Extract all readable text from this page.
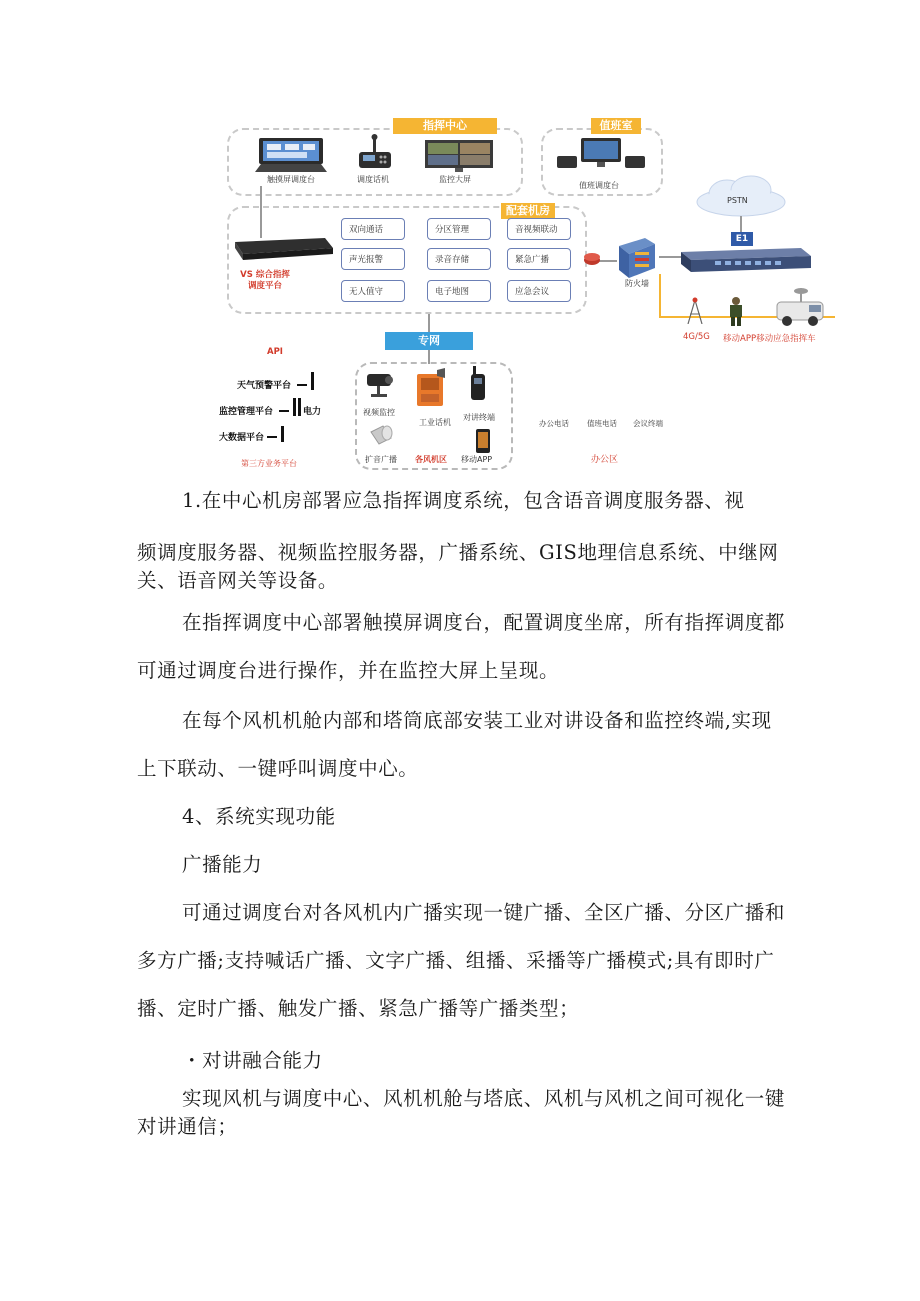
指挥中心
触摸屏调度台	调度话机	监控大屏
值班室
值班调度台
配套机房
VS 综合指挥调度平台
双向通话	分区管理	音视频联动
声光报警	录音存储	紧急广播
无人值守	电子地图	应急会议
防火墙
PSTN
E1
4G/5G 移动APP移动应急指挥车
专网
API
天气预警平台
监控管理平台	电力
大数据平台
第三方业务平台
视频监控
工业话机
对讲终端
扩音广播 各风机区 移动APP
办公电话 值班电话 会议终端
办公区
1.在中心机房部署应急指挥调度系统，包含语音调度服务器、视
频调度服务器、视频监控服务器，广播系统、GIS地理信息系统、中继网
关、语音网关等设备。
在指挥调度中心部署触摸屏调度台，配置调度坐席，所有指挥调度都
可通过调度台进行操作，并在监控大屏上呈现。
在每个风机机舱内部和塔筒底部安装工业对讲设备和监控终端,实现
上下联动、一键呼叫调度中心。
4、系统实现功能
广播能力
可通过调度台对各风机内广播实现一键广播、全区广播、分区广播和
多方广播;支持喊话广播、文字广播、组播、采播等广播模式;具有即时广
播、定时广播、触发广播、紧急广播等广播类型；
・对讲融合能力
实现风机与调度中心、风机机舱与塔底、风机与风机之间可视化一键
对讲通信；
